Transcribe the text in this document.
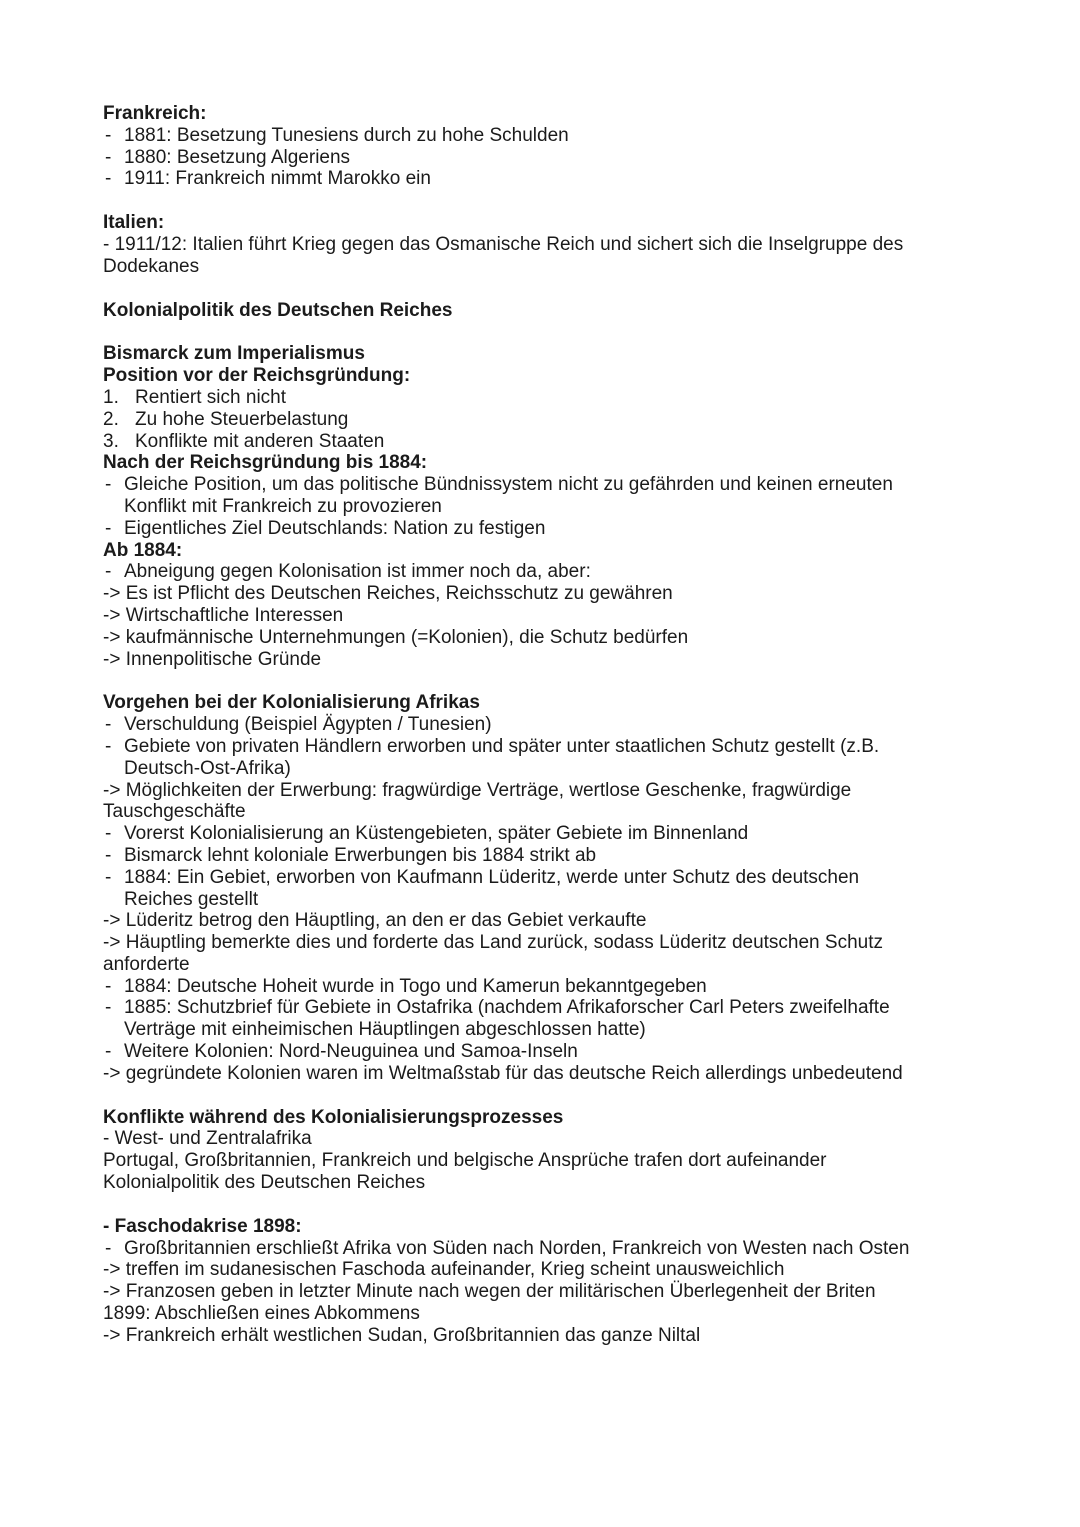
Frankreich:
- 1881: Besetzung Tunesiens durch zu hohe Schulden
- 1880: Besetzung Algeriens
- 1911: Frankreich nimmt Marokko ein
Italien:
- 1911/12: Italien führt Krieg gegen das Osmanische Reich und sichert sich die Inselgruppe des
Dodekanes
Kolonialpolitik des Deutschen Reiches
Bismarck zum Imperialismus
Position vor der Reichsgründung:
1. Rentiert sich nicht
2. Zu hohe Steuerbelastung
3. Konflikte mit anderen Staaten
Nach der Reichsgründung bis 1884:
- Gleiche Position, um das politische Bündnissystem nicht zu gefährden und keinen erneuten
Konflikt mit Frankreich zu provozieren
- Eigentliches Ziel Deutschlands: Nation zu festigen
Ab 1884:
- Abneigung gegen Kolonisation ist immer noch da, aber:
-> Es ist Pflicht des Deutschen Reiches, Reichsschutz zu gewähren
-> Wirtschaftliche Interessen
-> kaufmännische Unternehmungen (=Kolonien), die Schutz bedürfen
-> Innenpolitische Gründe
Vorgehen bei der Kolonialisierung Afrikas
- Verschuldung (Beispiel Ägypten / Tunesien)
- Gebiete von privaten Händlern erworben und später unter staatlichen Schutz gestellt (z.B.
Deutsch-Ost-Afrika)
-> Möglichkeiten der Erwerbung: fragwürdige Verträge, wertlose Geschenke, fragwürdige
Tauschgeschäfte
- Vorerst Kolonialisierung an Küstengebieten, später Gebiete im Binnenland
- Bismarck lehnt koloniale Erwerbungen bis 1884 strikt ab
- 1884: Ein Gebiet, erworben von Kaufmann Lüderitz, werde unter Schutz des deutschen
Reiches gestellt
-> Lüderitz betrog den Häuptling, an den er das Gebiet verkaufte
-> Häuptling bemerkte dies und forderte das Land zurück, sodass Lüderitz deutschen Schutz
anforderte
- 1884: Deutsche Hoheit wurde in Togo und Kamerun bekanntgegeben
- 1885: Schutzbrief für Gebiete in Ostafrika (nachdem Afrikaforscher Carl Peters zweifelhafte
Verträge mit einheimischen Häuptlingen abgeschlossen hatte)
- Weitere Kolonien: Nord-Neuguinea und Samoa-Inseln
-> gegründete Kolonien waren im Weltmaßstab für das deutsche Reich allerdings unbedeutend
Konflikte während des Kolonialisierungsprozesses
- West- und Zentralafrika
Portugal, Großbritannien, Frankreich und belgische Ansprüche trafen dort aufeinander
Kolonialpolitik des Deutschen Reiches
- Faschodakrise 1898:
- Großbritannien erschließt Afrika von Süden nach Norden, Frankreich von Westen nach Osten
-> treffen im sudanesischen Faschoda aufeinander, Krieg scheint unausweichlich
-> Franzosen geben in letzter Minute nach wegen der militärischen Überlegenheit der Briten
1899: Abschließen eines Abkommens
-> Frankreich erhält westlichen Sudan, Großbritannien das ganze Niltal
